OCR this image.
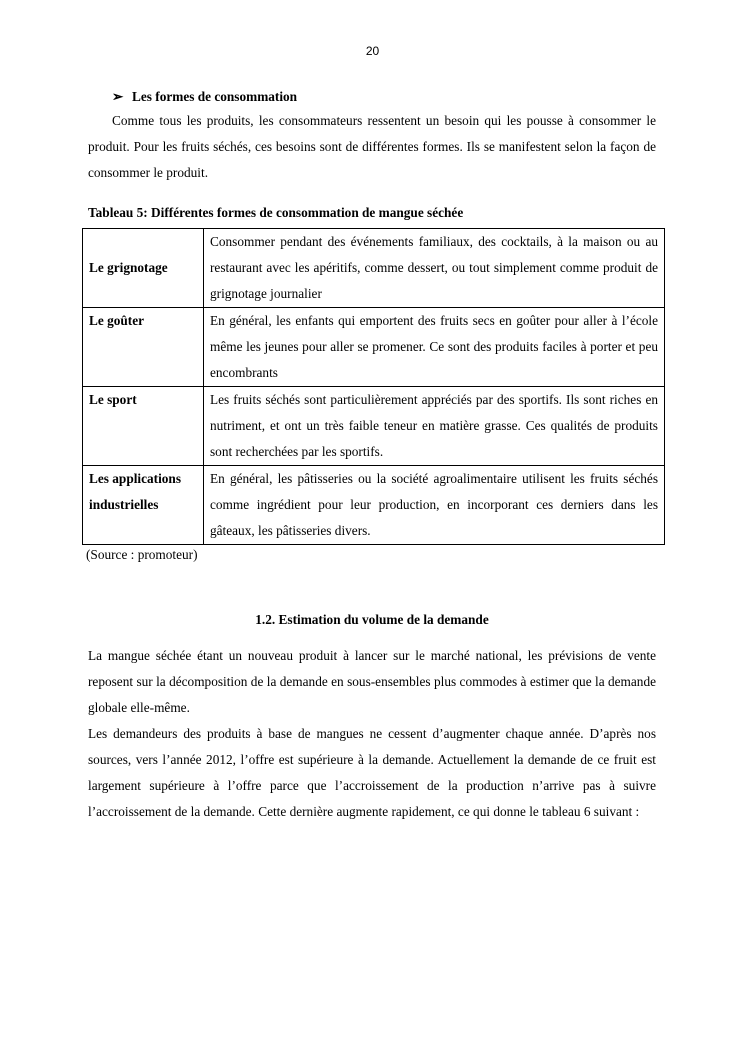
20

➢ Les formes de consommation

Comme tous les produits, les consommateurs ressentent un besoin qui les pousse à consommer le produit. Pour les fruits séchés, ces besoins sont de différentes formes. Ils se manifestent selon la façon de consommer le produit.

Tableau 5: Différentes formes de consommation de mangue séchée

Le grignotage	Consommer pendant des événements familiaux, des cocktails, à la maison ou au restaurant avec les apéritifs, comme dessert, ou tout simplement comme produit de grignotage journalier
Le goûter	En général, les enfants qui emportent des fruits secs en goûter pour aller à l’école même les jeunes pour aller se promener. Ce sont des produits faciles à porter et peu encombrants
Le sport	Les fruits séchés sont particulièrement appréciés par des sportifs. Ils sont riches en nutriment, et ont un très faible teneur en matière grasse. Ces qualités de produits sont recherchées par les sportifs.
Les applications industrielles	En général, les pâtisseries ou la société agroalimentaire utilisent les fruits séchés comme ingrédient pour leur production, en incorporant ces derniers dans les gâteaux, les pâtisseries divers.

(Source : promoteur)

1.2. Estimation du volume de la demande

La mangue séchée étant un nouveau produit à lancer sur le marché national, les prévisions de vente reposent sur la décomposition de la demande en sous-ensembles plus commodes à estimer que la demande globale elle-même.

Les demandeurs des produits à base de mangues ne cessent d’augmenter chaque année. D’après nos sources, vers l’année 2012, l’offre est supérieure à la demande. Actuellement la demande de ce fruit est largement supérieure à l’offre parce que l’accroissement de la production n’arrive pas à suivre l’accroissement de la demande. Cette dernière augmente rapidement, ce qui donne le tableau 6 suivant :
